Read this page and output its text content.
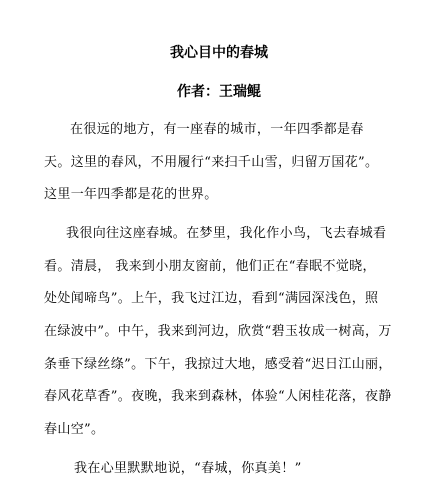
我心目中的春城

作者：王瑞鲲

在很远的地方，有一座春的城市，一年四季都是春

天。这里的春风，不用履行“来扫千山雪，归留万国花”。

这里一年四季都是花的世界。

我很向往这座春城。在梦里，我化作小鸟，飞去春城看

看。清晨， 我来到小朋友窗前，他们正在“春眠不觉晓，

处处闻啼鸟”。上午，我飞过江边，看到“满园深浅色，照

在绿波中”。中午，我来到河边，欣赏“碧玉妆成一树高，万

条垂下绿丝绦”。下午，我掠过大地，感受着“迟日江山丽，

春风花草香”。夜晚，我来到森林，体验“人闲桂花落，夜静

春山空”。

我在心里默默地说，“春城，你真美！”
